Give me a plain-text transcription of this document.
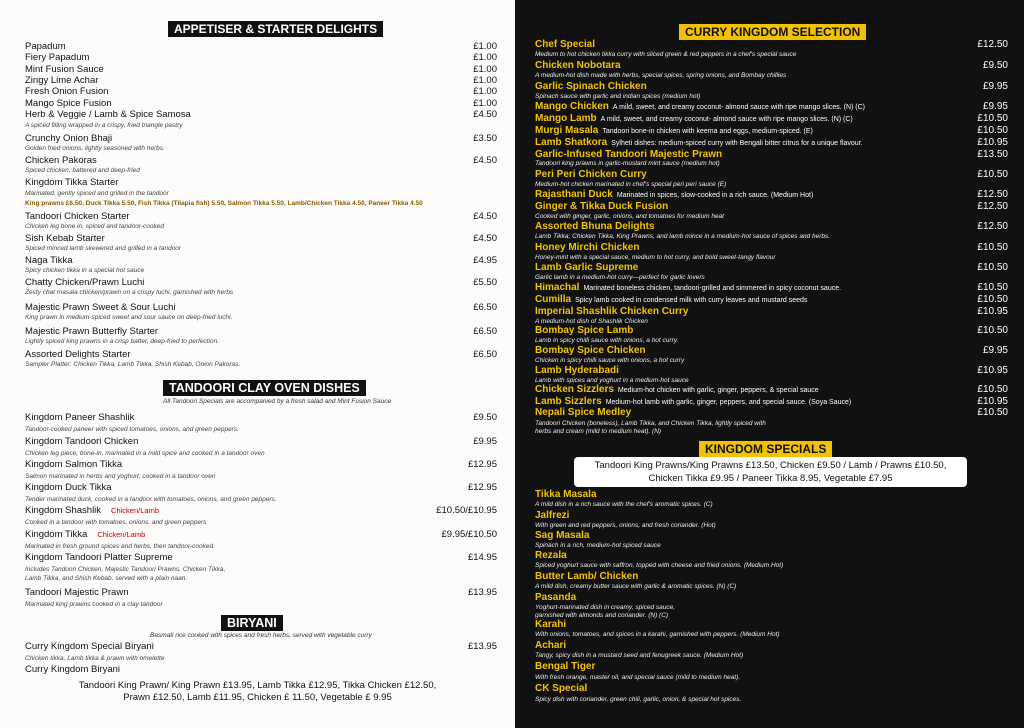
APPETISER & STARTER DELIGHTS
Papadum	£1.00
Fiery Papadum	£1.00
Mint Fusion Sauce	£1.00
Zingy Lime Achar	£1.00
Fresh Onion Fusion	£1.00
Mango Spice Fusion	£1.00
Herb & Veggie / Lamb & Spice Samosa	£4.50
A spiced filling wrapped in a crispy, fried triangle pastry
Crunchy Onion Bhaji	£3.50
Golden fried onions, lightly seasoned with herbs.
Chicken Pakoras	£4.50
Spiced chicken, battered and deep-fried
Kingdom Tikka Starter
Marinated, gently spiced and grilled in the tandoor
King prawns £6.50, Duck Tikka 5.50, Fish Tikka (Tilapia fish) 5.50, Salmon Tikka 5.50, Lamb/Chicken Tikka 4.50, Paneer Tikka 4.50
Tandoori Chicken Starter	£4.50
Chicken leg bone in, spiced and tandoor-cooked
Sish Kebab Starter	£4.50
Spiced minced lamb skewered and grilled in a tandoor
Naga Tikka	£4.95
Spicy chicken tikka in a special hot sauce
Chatty Chicken/Prawn Luchi	£5.50
Zesty chat masala chicken/prawn on a crispy luchi, garnished with herbs
Majestic Prawn Sweet & Sour Luchi	£6.50
King prawn in medium-spiced sweet and sour sauce on deep-fried luchi.
Majestic Prawn Butterfly Starter	£6.50
Lightly spiced king prawns in a crisp batter, deep-fried to perfection.
Assorted Delights Starter	£6.50
Sampler Platter: Chicken Tikka, Lamb Tikka, Shish Kebab, Onion Pakoras.
TANDOORI CLAY OVEN DISHES
All Tandoori Specials are accompanied by a fresh salad and Mint Fusion Sauce
Kingdom Paneer Shashlik	£9.50
Tandoor-cooked paneer with spiced tomatoes, onions, and green peppers.
Kingdom Tandoori Chicken	£9.95
Chicken leg piece, bone-in, marinated in a mild spice and cooked in a tandoor oven
Kingdom Salmon Tikka	£12.95
Salmon marinated in herbs and yoghurt, cooked in a tandoor oven
Kingdom Duck Tikka	£12.95
Tender marinated duck, cooked in a tandoor with tomatoes, onions, and green peppers.
Kingdom Shashlik Chicken/Lamb	£10.50/£10.95
Cooked in a tandoor with tomatoes, onions, and green peppers
Kingdom Tikka Chicken/Lamb	£9.95/£10.50
Marinated in fresh ground spices and herbs, then tandoor-cooked
Kingdom Tandoori Platter Supreme	£14.95
Includes Tandoori Chicken, Majestic Tandoori Prawns, Chicken Tikka,
Lamb Tikka, and Shish Kebab, served with a plain naan.
Tandoori Majestic Prawn	£13.95
Marinated king prawns cooked in a clay tandoor
BIRYANI
Basmati rice cooked with spices and fresh herbs, served with vegetable curry
Curry Kingdom Special Biryani	£13.95
Chicken tikka, Lamb tikka & prawn with omelette
Curry Kingdom Biryani
Tandoori King Prawn/ King Prawn £13.95, Lamb Tikka £12.95, Tikka Chicken £12.50,
Prawn £12.50, Lamb £11.95, Chicken £ 11.50, Vegetable £ 9.95
CURRY KINGDOM SELECTION
Chef Special	£12.50
Medium to hot chicken tikka curry with sliced green & red peppers in a chef's special sauce
Chicken Nobotara	£9.50
A medium-hot dish made with herbs, special spices, spring onions, and Bombay chillies
Garlic Spinach Chicken	£9.95
Spinach sauce with garlic and indian spices (medium hot)
Mango Chicken A mild, sweet, and creamy coconut- almond sauce with ripe mango slices. (N) (C)	£9.95
Mango Lamb A mild, sweet, and creamy coconut- almond sauce with ripe mango slices. (N) (C)	£10.50
Murgi Masala Tandoori bone-in chicken with keema and eggs, medium-spiced. (E)	£10.50
Lamb Shatkora Sylheti dishes: medium-spiced curry with Bengali bitter citrus for a unique flavour.	£10.95
Garlic-Infused Tandoori Majestic Prawn	£13.50
Tandoori king prawns in garlic-mustard mint sauce (medium hot)
Peri Peri Chicken Curry	£10.50
Medium-hot chicken marinated in chef's special peri peri sauce (E)
Rajasthani Duck Marinated in spices, slow-cooked in a rich sauce. (Medium Hot)	£12.50
Ginger & Tikka Duck Fusion	£12.50
Cooked with ginger, garlic, onions, and tomatoes for medium heat
Assorted Bhuna Delights	£12.50
Lamb Tikka, Chicken Tikka, King Prawns, and lamb mince in a medium-hot sauce of spices and herbs.
Honey Mirchi Chicken	£10.50
Honey-mint with a special sauce, medium to hot curry, and bold sweet-tangy flavour
Lamb Garlic Supreme	£10.50
Garlic lamb in a medium-hot curry—perfect for garlic lovers
Himachal Marinated boneless chicken, tandoori-grilled and simmered in spicy coconut sauce.	£10.50
Cumilla Spicy lamb cooked in condensed milk with curry leaves and mustard seeds	£10.50
Imperial Shashlik Chicken Curry	£10.95
A medium-hot dish of Shashlik Chicken
Bombay Spice Lamb	£10.50
Lamb in spicy chilli sauce with onions, a hot curry.
Bombay Spice Chicken	£9.95
Chicken in spicy chilli sauce with onions, a hot curry
Lamb Hyderabadi	£10.95
Lamb with spices and yoghurt in a medium-hot sauce
Chicken Sizzlers Medium-hot chicken with garlic, ginger, peppers, & special sauce	£10.50
Lamb Sizzlers Medium-hot lamb with garlic, ginger, peppers, and special sauce. (Soya Sauce)	£10.95
Nepali Spice Medley	£10.50
Tandoori Chicken (boneless), Lamb Tikka, and Chicken Tikka, lightly spiced with
herbs and cream (mild to medium heat). (N)
KINGDOM SPECIALS
Tandoori King Prawns/King Prawns £13.50, Chicken £9.50 / Lamb / Prawns £10.50,
Chicken Tikka £9.95 / Paneer Tikka 8.95, Vegetable £7.95
Tikka Masala
A mild dish in a rich sauce with the chef's aromatic spices. (C)
Jalfrezi
With green and red peppers, onions, and fresh coriander. (Hot)
Sag Masala
Spinach in a rich, medium-hot spiced sauce
Rezala
Spiced yoghurt sauce with saffron, topped with cheese and fried onions. (Medium Hot)
Butter Lamb/ Chicken
A mild dish, creamy butter sauce with garlic & aromatic spices. (N) (C)
Pasanda
Yoghurt-marinated dish in creamy, spiced sauce,
garnished with almonds and coriander. (N) (C)
Karahi
With onions, tomatoes, and spices in a karahi, garnished with peppers. (Medium Hot)
Achari
Tangy, spicy dish in a mustard seed and fenugreek sauce. (Medium Hot)
Bengal Tiger
With fresh orange, master oil, and special sauce (mild to medium heat).
CK Special
Spicy dish with coriander, green chili, garlic, onion, & special hot spices.
